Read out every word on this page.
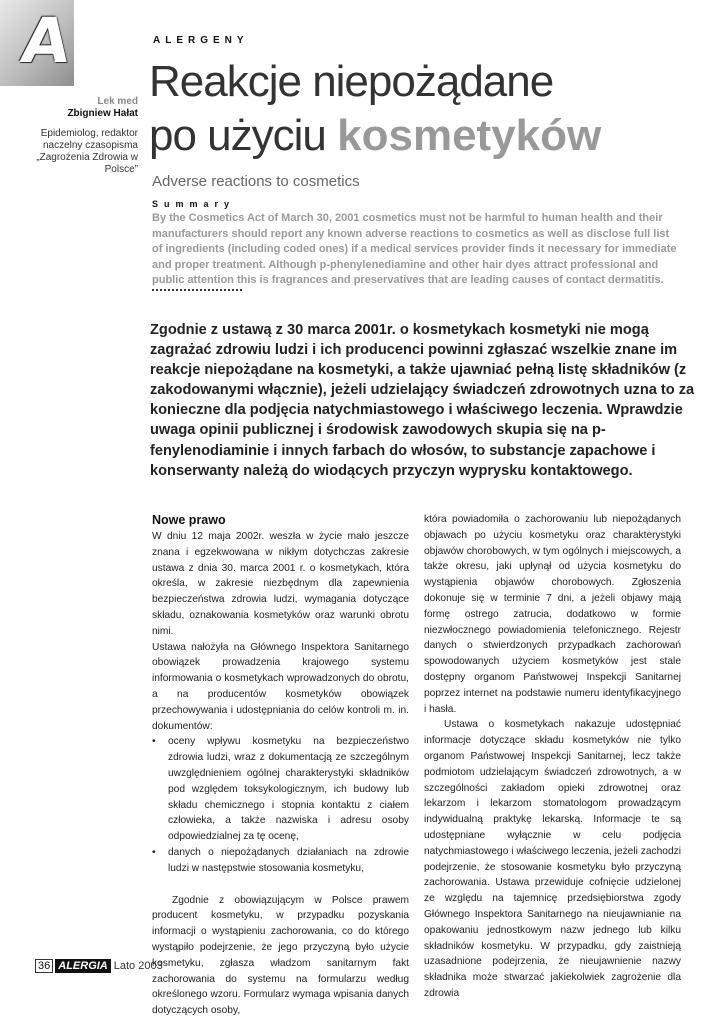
A	ALERGENY
Lek med
Zbigniew Hałat
Epidemiolog, redaktor naczelny czasopisma „Zagrożenia Zdrowia w Polsce”
Reakcje niepożądane
po użyciu kosmetyków
Adverse reactions to cosmetics
Summary
By the Cosmetics Act of March 30, 2001 cosmetics must not be harmful to human health and their manufacturers should report any known adverse reactions to cosmetics as well as disclose full list of ingredients (including coded ones) if a medical services provider finds it necessary for immediate and proper treatment. Although p-phenylenediamine and other hair dyes attract professional and public attention this is fragrances and preservatives that are leading causes of contact dermatitis.
Zgodnie z ustawą z 30 marca 2001r. o kosmetykach kosmetyki nie mogą zagrażać zdrowiu ludzi i ich producenci powinni zgłaszać wszelkie znane im reakcje niepożądane na kosmetyki, a także ujawniać pełną listę składników (z zakodowanymi włącznie), jeżeli udzielający świadczeń zdrowotnych uzna to za konieczne dla podjęcia natychmiastowego i właściwego leczenia. Wprawdzie uwaga opinii publicznej i środowisk zawodowych skupia się na p-fenylenodiaminie i innych farbach do włosów, to substancje zapachowe i konserwanty należą do wiodących przyczyn wyprysku kontaktowego.
Nowe prawo

W dniu 12 maja 2002r. weszła w życie mało jeszcze znana i egzekwowana w nikłym dotychczas zakresie ustawa z dnia 30. marca 2001 r. o kosmetykach, która określa, w zakresie niezbędnym dla zapewnienia bezpieczeństwa zdrowia ludzi, wymagania dotyczące składu, oznakowania kosmetyków oraz warunki obrotu nimi.

Ustawa nałożyła na Głównego Inspektora Sanitarnego obowiązek prowadzenia krajowego systemu informowania o kosmetykach wprowadzonych do obrotu, a na producentów kosmetyków obowiązek przechowywania i udostępniania do celów kontroli m. in. dokumentów:

• oceny wpływu kosmetyku na bezpieczeństwo zdrowia ludzi, wraz z dokumentacją ze szczególnym uwzględnieniem ogólnej charakterystyki składników pod względem toksykologicznym, ich budowy lub składu chemicznego i stopnia kontaktu z ciałem człowieka, a także nazwiska i adresu osoby odpowiedzialnej za tę ocenę,
• danych o niepożądanych działaniach na zdrowie ludzi w następstwie stosowania kosmetyku,

Zgodnie z obowiązującym w Polsce prawem producent kosmetyku, w przypadku pozyskania informacji o wystąpieniu zachorowania, co do którego wystąpiło podejrzenie, że jego przyczyną było użycie kosmetyku, zgłasza władzom sanitarnym fakt zachorowania do systemu na formularzu według określonego wzoru. Formularz wymaga wpisania danych dotyczących osoby,

która powiadomiła o zachorowaniu lub niepożądanych objawach po użyciu kosmetyku oraz charakterystyki objawów chorobowych, w tym ogólnych i miejscowych, a także okresu, jaki upłynął od użycia kosmetyku do wystąpienia objawów chorobowych. Zgłoszenia dokonuje się w terminie 7 dni, a jeżeli objawy mają formę ostrego zatrucia, dodatkowo w formie niezwłocznego powiadomienia telefonicznego. Rejestr danych o stwierdzonych przypadkach zachorowań spowodowanych użyciem kosmetyków jest stale dostępny organom Państwowej Inspekcji Sanitarnej poprzez internet na podstawie numeru identyfikacyjnego i hasła.

Ustawa o kosmetykach nakazuje udostępniać informacje dotyczące składu kosmetyków nie tylko organom Państwowej Inspekcji Sanitarnej, lecz także podmiotom udzielającym świadczeń zdrowotnych, a w szczególności zakładom opieki zdrowotnej oraz lekarzom i lekarzom stomatologom prowadzącym indywidualną praktykę lekarską. Informacje te są udostępniane wyłącznie w celu podjęcia natychmiastowego i właściwego leczenia, jeżeli zachodzi podejrzenie, że stosowanie kosmetyku było przyczyną zachorowania. Ustawa przewiduje cofnięcie udzielonej ze względu na tajemnicę przedsiębiorstwa zgody Głównego Inspektora Sanitarnego na nieujawnianie na opakowaniu jednostkowym nazw jednego lub kilku składników kosmetyku. W przypadku, gdy zaistnieją uzasadnione podejrzenia, że nieujawnienie nazwy składnika może stwarzać jakiekolwiek zagrożenie dla zdrowia

36 ALERGIA Lato 2003
